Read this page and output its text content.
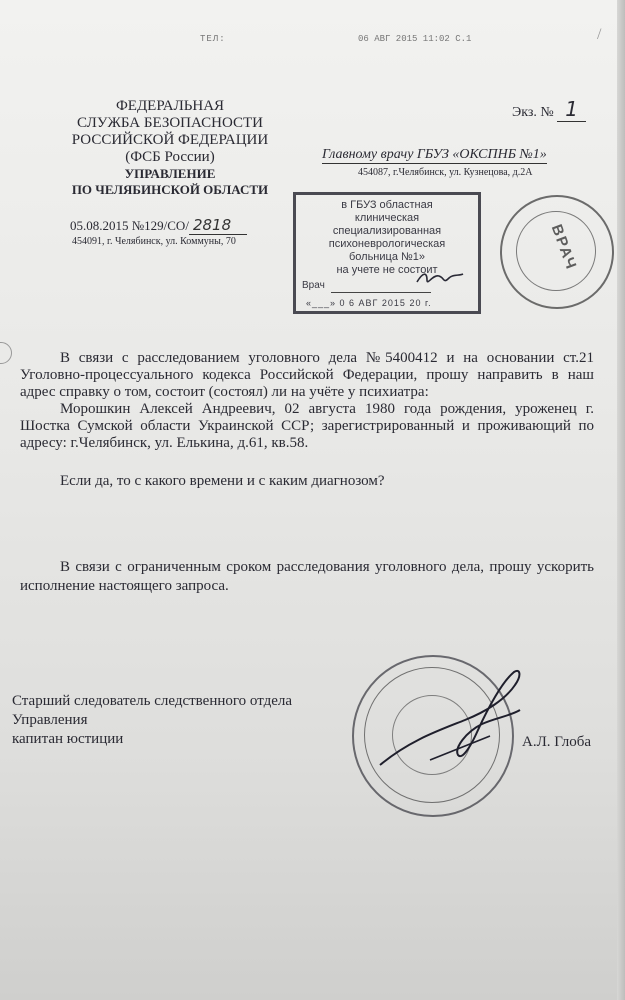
ТЕЛ:	06 АВГ 2015 11:02 С.1	/
ФЕДЕРАЛЬНАЯ
СЛУЖБА БЕЗОПАСНОСТИ
РОССИЙСКОЙ ФЕДЕРАЦИИ
(ФСБ России)
УПРАВЛЕНИЕ
ПО ЧЕЛЯБИНСКОЙ ОБЛАСТИ
05.08.2015 №129/СО/ 2818
454091, г. Челябинск, ул. Коммуны, 70
Экз. № 1
Главному врачу ГБУЗ «ОКСПНБ №1»
454087, г.Челябинск, ул. Кузнецова, д.2А
в ГБУЗ областная
клиническая
специализированная
психоневрологическая
больница №1»
на учете не состоит
Врач
«___» 0 6 АВГ 2015 20 г.
ВРАЧ

В связи с расследованием уголовного дела №5400412 и на основании ст.21 Уголовно-процессуального кодекса Российской Федерации, прошу направить в наш адрес справку о том, состоит (состоял) ли на учёте у психиатра:

Морошкин Алексей Андреевич, 02 августа 1980 года рождения, уроженец г. Шостка Сумской области Украинской ССР; зарегистрированный и проживающий по адресу: г.Челябинск, ул. Елькина, д.61, кв.58.

Если да, то с какого времени и с каким диагнозом?
В связи с ограниченным сроком расследования уголовного дела, прошу ускорить исполнение настоящего запроса.
Старший следователь следственного отдела
Управления
капитан юстиции	А.Л. Глоба
